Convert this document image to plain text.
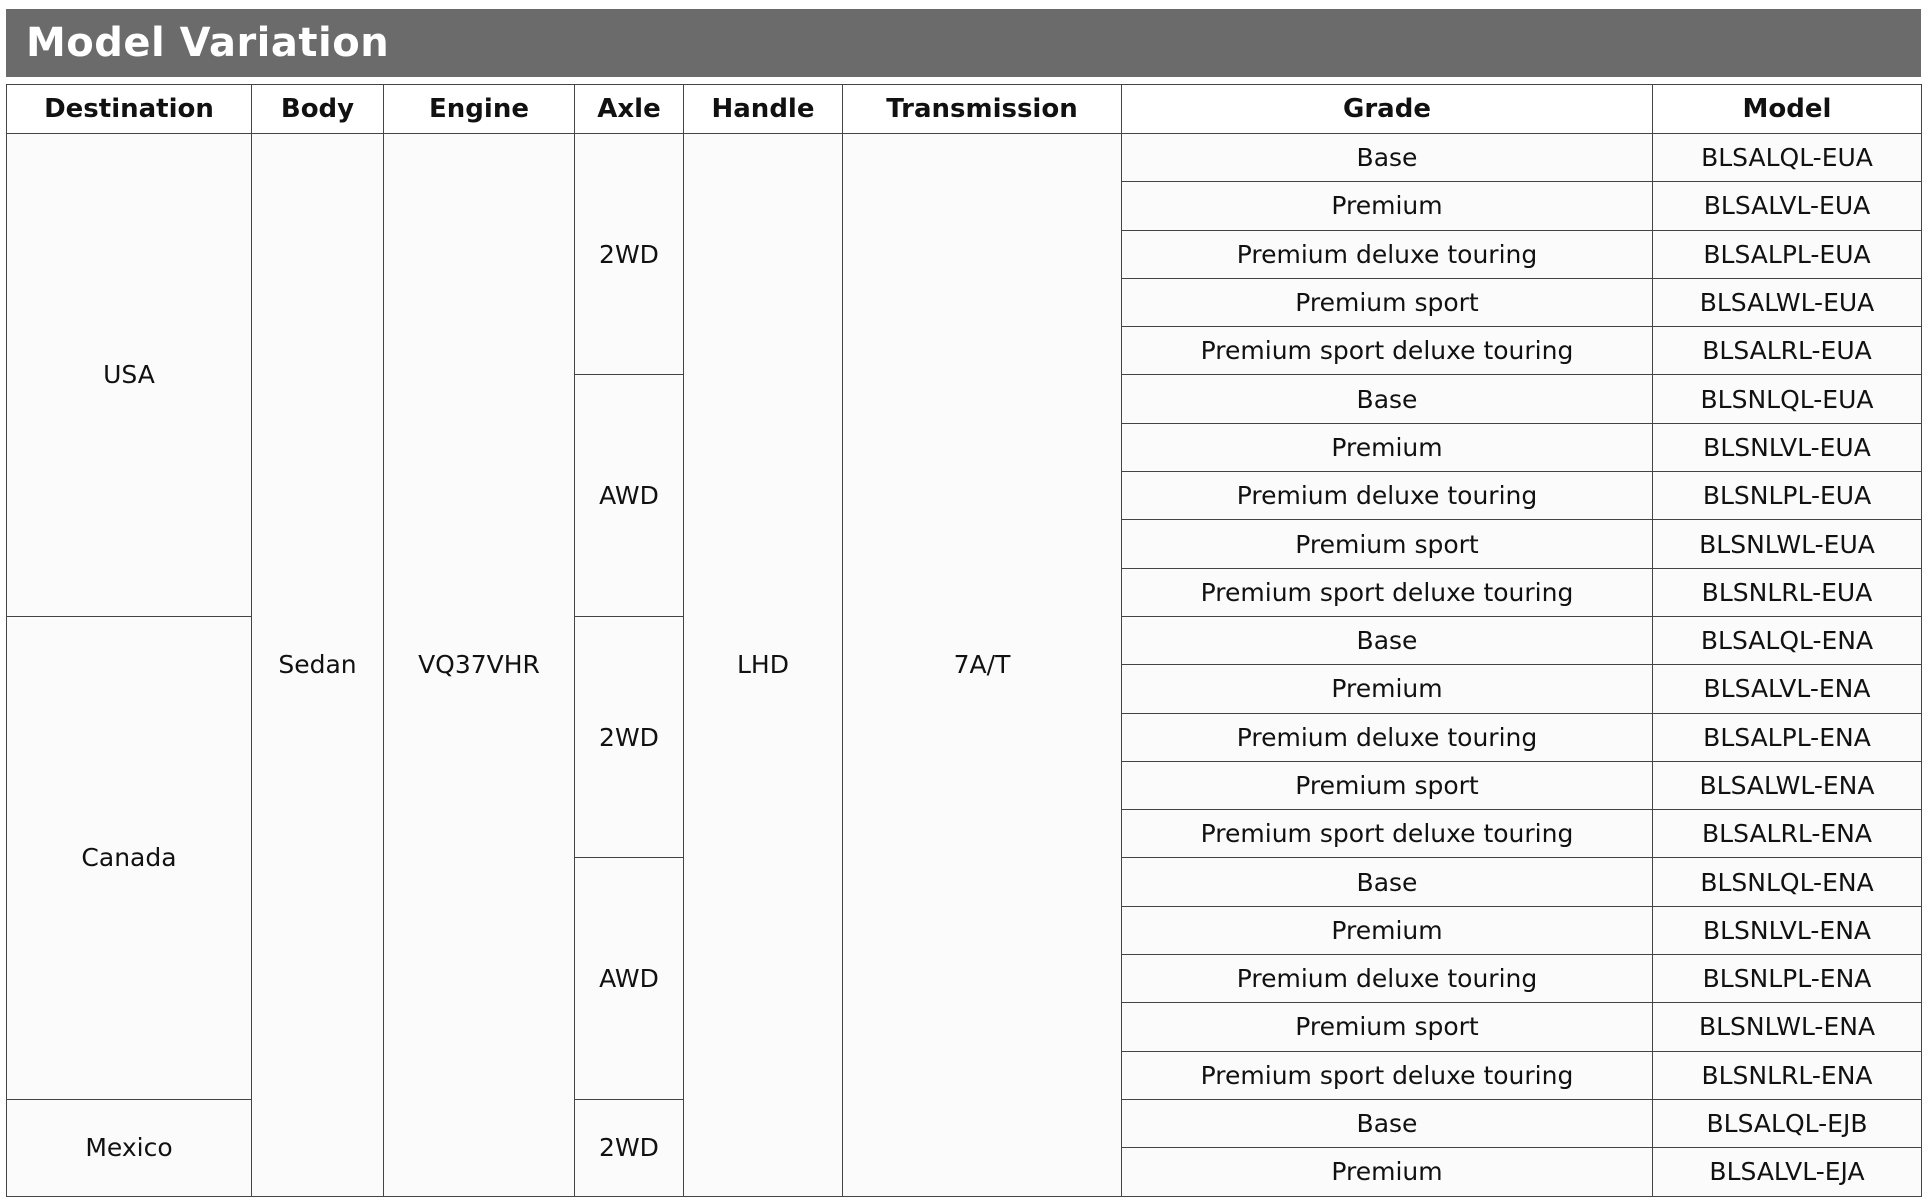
Model Variation
Destination	Body	Engine	Axle	Handle	Transmission	Grade	Model
USA	Sedan	VQ37VHR	2WD	LHD	7A/T	Base	BLSALQL-EUA
						Premium	BLSALVL-EUA
						Premium deluxe touring	BLSALPL-EUA
						Premium sport	BLSALWL-EUA
						Premium sport deluxe touring	BLSALRL-EUA
			AWD			Base	BLSNLQL-EUA
						Premium	BLSNLVL-EUA
						Premium deluxe touring	BLSNLPL-EUA
						Premium sport	BLSNLWL-EUA
						Premium sport deluxe touring	BLSNLRL-EUA
Canada			2WD			Base	BLSALQL-ENA
						Premium	BLSALVL-ENA
						Premium deluxe touring	BLSALPL-ENA
						Premium sport	BLSALWL-ENA
						Premium sport deluxe touring	BLSALRL-ENA
			AWD			Base	BLSNLQL-ENA
						Premium	BLSNLVL-ENA
						Premium deluxe touring	BLSNLPL-ENA
						Premium sport	BLSNLWL-ENA
						Premium sport deluxe touring	BLSNLRL-ENA
Mexico			2WD			Base	BLSALQL-EJB
						Premium	BLSALVL-EJA
